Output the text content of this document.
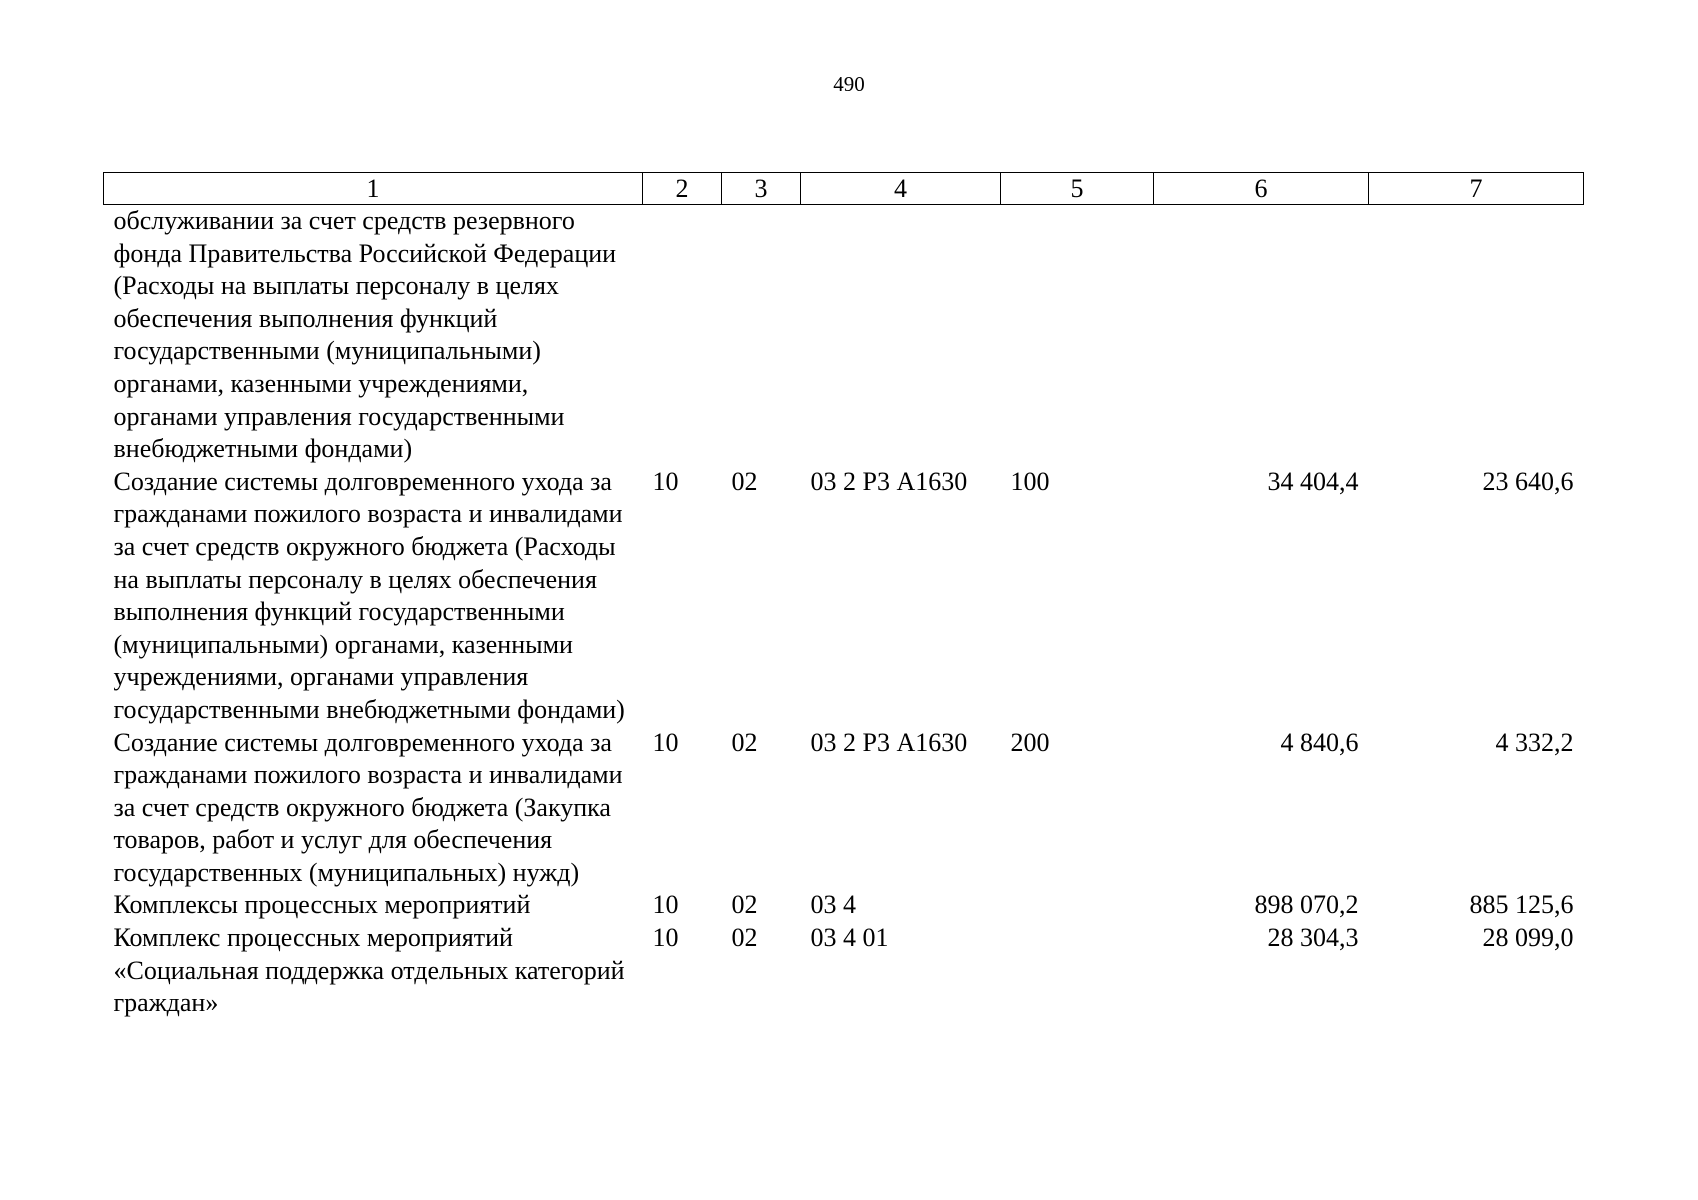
490
1	2	3	4	5	6	7
обслуживании за счет средств резервного фонда Правительства Российской Федерации (Расходы на выплаты персоналу в целях обеспечения выполнения функций государственными (муниципальными) органами, казенными учреждениями, органами управления государственными внебюджетными фондами)						
Создание системы долговременного ухода за гражданами пожилого возраста и инвалидами за счет средств окружного бюджета (Расходы на выплаты персоналу в целях обеспечения выполнения функций государственными (муниципальными) органами, казенными учреждениями, органами управления государственными внебюджетными фондами)	10	02	03 2 Р3 А1630	100	34 404,4	23 640,6
Создание системы долговременного ухода за гражданами пожилого возраста и инвалидами за счет средств окружного бюджета (Закупка товаров, работ и услуг для обеспечения государственных (муниципальных) нужд)	10	02	03 2 Р3 А1630	200	4 840,6	4 332,2
Комплексы процессных мероприятий	10	02	03 4		898 070,2	885 125,6
Комплекс процессных мероприятий «Социальная поддержка отдельных категорий граждан»	10	02	03 4 01		28 304,3	28 099,0
